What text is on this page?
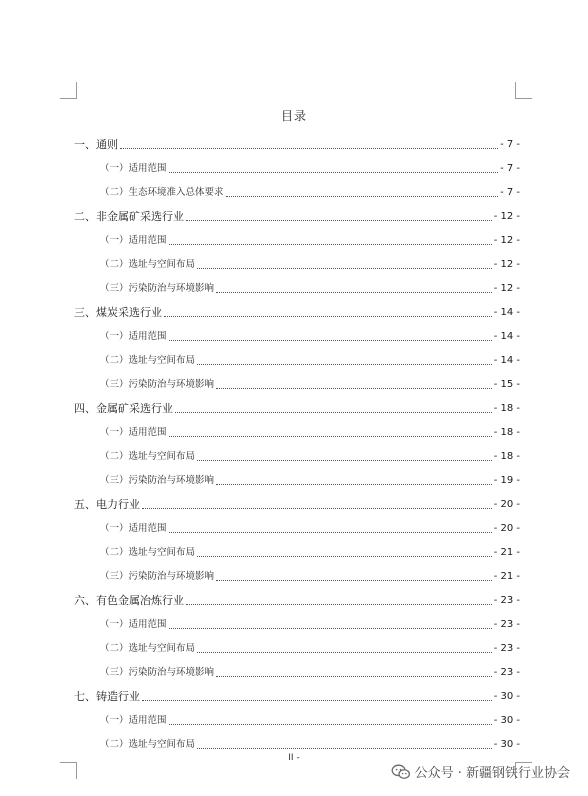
目录
一、通则	- 7 -
（一）适用范围	- 7 -
（二）生态环境准入总体要求	- 7 -
二、非金属矿采选行业	- 12 -
（一）适用范围	- 12 -
（二）选址与空间布局	- 12 -
（三）污染防治与环境影响	- 12 -
三、煤炭采选行业	- 14 -
（一）适用范围	- 14 -
（二）选址与空间布局	- 14 -
（三）污染防治与环境影响	- 15 -
四、金属矿采选行业	- 18 -
（一）适用范围	- 18 -
（二）选址与空间布局	- 18 -
（三）污染防治与环境影响	- 19 -
五、电力行业	- 20 -
（一）适用范围	- 20 -
（二）选址与空间布局	- 21 -
（三）污染防治与环境影响	- 21 -
六、有色金属冶炼行业	- 23 -
（一）适用范围	- 23 -
（二）选址与空间布局	- 23 -
（三）污染防治与环境影响	- 23 -
七、铸造行业	- 30 -
（一）适用范围	- 30 -
（二）选址与空间布局	- 30 -
II -
公众号 · 新疆钢铁行业协会
